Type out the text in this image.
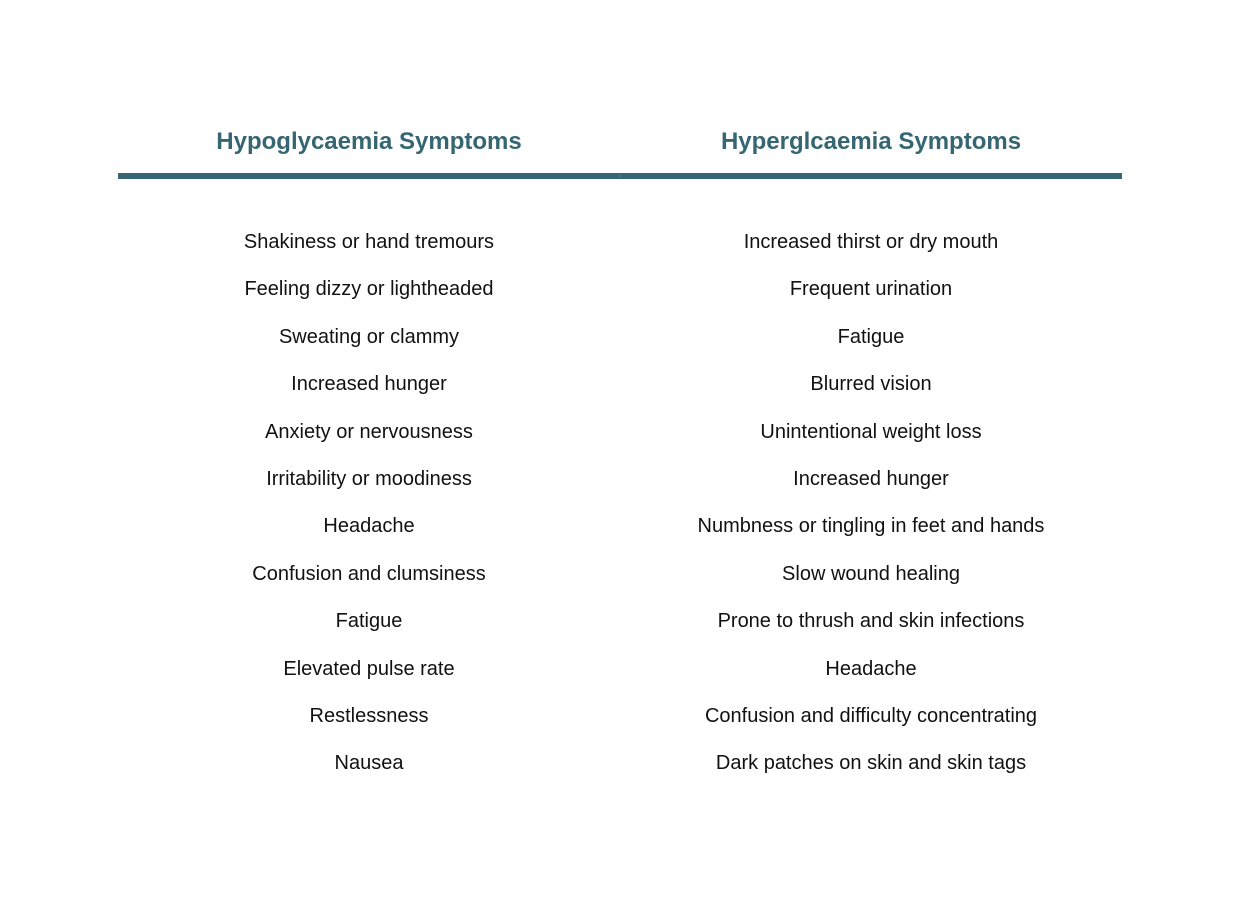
Hypoglycaemia Symptoms
Shakiness or hand tremours
Feeling dizzy or lightheaded
Sweating or clammy
Increased hunger
Anxiety or nervousness
Irritability or moodiness
Headache
Confusion and clumsiness
Fatigue
Elevated pulse rate
Restlessness
Nausea
Hyperglcaemia Symptoms
Increased thirst or dry mouth
Frequent urination
Fatigue
Blurred vision
Unintentional weight loss
Increased hunger
Numbness or tingling in feet and hands
Slow wound healing
Prone to thrush and skin infections
Headache
Confusion and difficulty concentrating
Dark patches on skin and skin tags
